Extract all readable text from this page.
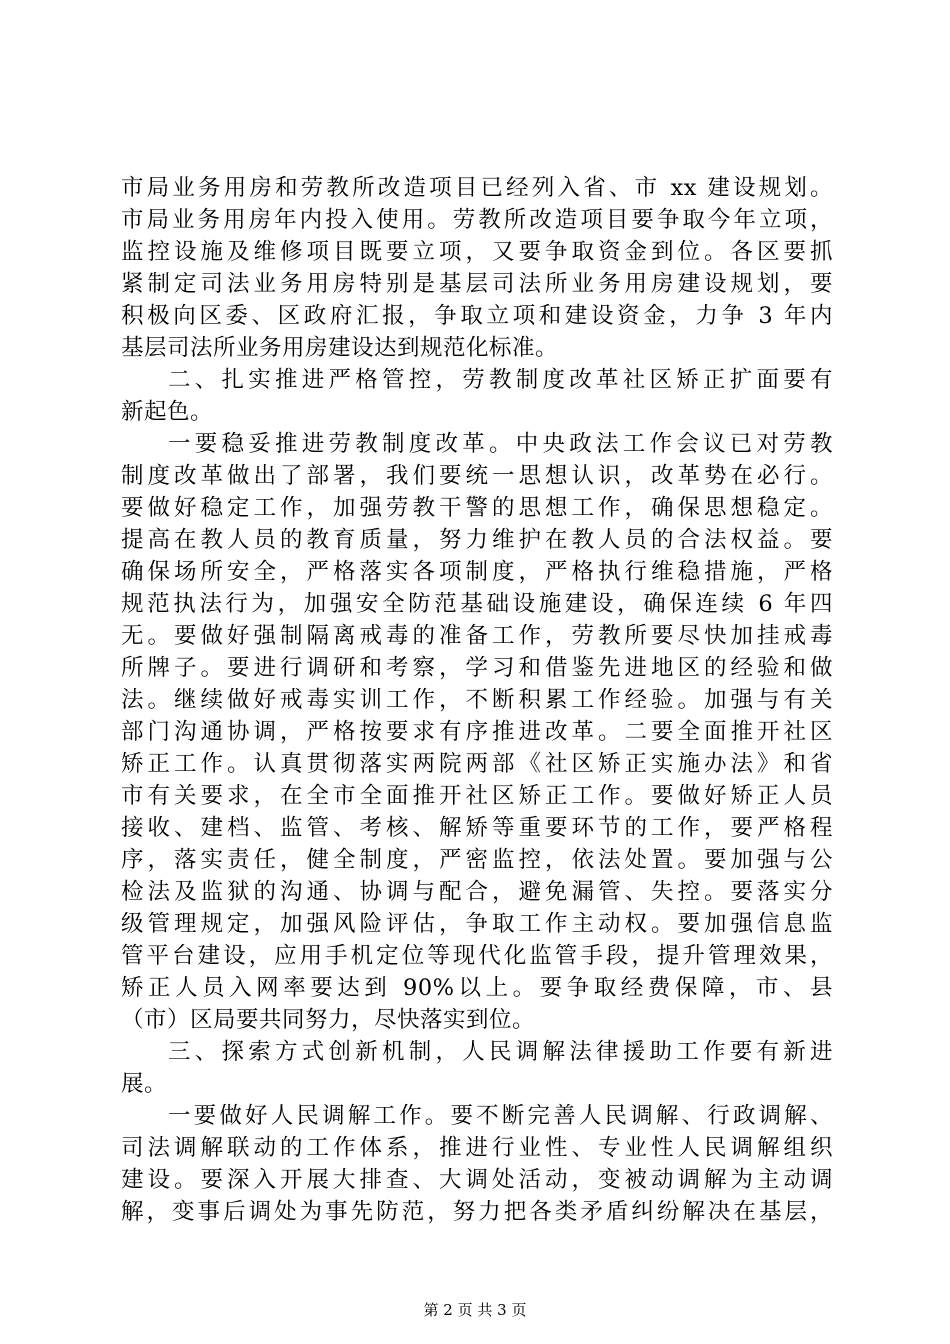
市局业务用房和劳教所改造项目已经列入省、市 xx 建设规划。
市局业务用房年内投入使用。劳教所改造项目要争取今年立项，
监控设施及维修项目既要立项，又要争取资金到位。各区要抓
紧制定司法业务用房特别是基层司法所业务用房建设规划，要
积极向区委、区政府汇报，争取立项和建设资金，力争 3 年内
基层司法所业务用房建设达到规范化标准。
二、扎实推进严格管控，劳教制度改革社区矫正扩面要有
新起色。
一要稳妥推进劳教制度改革。中央政法工作会议已对劳教
制度改革做出了部署，我们要统一思想认识，改革势在必行。
要做好稳定工作，加强劳教干警的思想工作，确保思想稳定。
提高在教人员的教育质量，努力维护在教人员的合法权益。要
确保场所安全，严格落实各项制度，严格执行维稳措施，严格
规范执法行为，加强安全防范基础设施建设，确保连续 6 年四
无。要做好强制隔离戒毒的准备工作，劳教所要尽快加挂戒毒
所牌子。要进行调研和考察，学习和借鉴先进地区的经验和做
法。继续做好戒毒实训工作，不断积累工作经验。加强与有关
部门沟通协调，严格按要求有序推进改革。二要全面推开社区
矫正工作。认真贯彻落实两院两部《社区矫正实施办法》和省
市有关要求，在全市全面推开社区矫正工作。要做好矫正人员
接收、建档、监管、考核、解矫等重要环节的工作，要严格程
序，落实责任，健全制度，严密监控，依法处置。要加强与公
检法及监狱的沟通、协调与配合，避免漏管、失控。要落实分
级管理规定，加强风险评估，争取工作主动权。要加强信息监
管平台建设，应用手机定位等现代化监管手段，提升管理效果，
矫正人员入网率要达到 90%以上。要争取经费保障，市、县
（市）区局要共同努力，尽快落实到位。
三、探索方式创新机制，人民调解法律援助工作要有新进
展。
一要做好人民调解工作。要不断完善人民调解、行政调解、
司法调解联动的工作体系，推进行业性、专业性人民调解组织
建设。要深入开展大排查、大调处活动，变被动调解为主动调
解，变事后调处为事先防范，努力把各类矛盾纠纷解决在基层，
第 2 页 共 3 页
